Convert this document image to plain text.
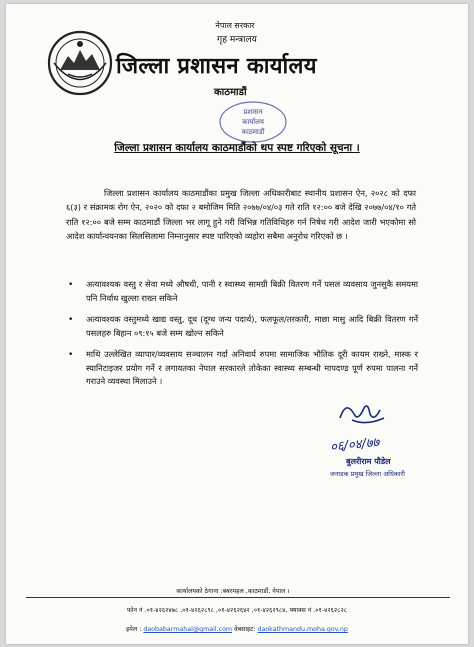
नेपाल सरकार
गृह मन्त्रालय
जिल्ला प्रशासन कार्यालय
काठमाडौं
प्रशासन
कार्यालय
काठमाडौं
जिल्ला प्रशासन कार्यालय काठमाडौंको थप स्पष्ट गरिएको सूचना ।
जिल्ला प्रशासन कार्यालय काठमाडौंका प्रमुख जिल्ला अधिकारीबाट स्थानीय प्रशासन ऐन, २०२८ को दफा ६(३) र संक्रामक रोग ऐन, २०२० को दफा २ बमोजिम मिति २०७७/०४/०३ गते राति १२:०० बजे देखि २०७७/०४/१० गते राति १२:०० बजे सम्म काठमाडौं जिल्ला भर लागू हुने गरी विभिन्न गतिविधिहरु गर्न निषेध गरी आदेश जारी भएकोमा सो आदेश कार्यान्वयनका सिलसिलामा निम्नानुसार स्पष्ट पारिएको व्यहोरा सबैमा अनुरोध गरिएको छ ।
• अत्यावश्यक वस्तु र सेवा मध्ये औषधी, पानी र स्वास्थ्य सामग्री बिक्री वितरण गर्ने पसल व्यवसाय जुनसुकै समयमा पनि निर्वाध खुल्ला राख्न सकिने
• अत्यावश्यक वस्तुमध्ये खाद्य वस्तु, दूध (दूग्ध जन्य पदार्थ), फलफूल/तरकारी, माछा मासु आदि बिक्री वितरण गर्ने पसलहरु बिहान ०९:१५ बजे सम्म खोल्न सकिने
• माथि उल्लेखित व्यापार/व्यवसाय सञ्चालन गर्दा अनिवार्य रुपमा सामाजिक भौतिक दूरी कायम राख्ने, मास्क र स्यानिटाइजर प्रयोग गर्ने र लगायतका नेपाल सरकारले तोकेका स्वास्थ्य सम्बन्धी मापदण्ड पूर्ण रुपमा पालना गर्ने गराउने व्यवस्था मिलाउने ।
०६/०४/७७
बुलरीराम पौडेल
जनाडक प्रमुख जिल्ला अधिकारी
कार्यालयको ठेगाना :बबरमहल ,काठमाडौं, नेपाल ।
फोन नं .०१-४२६२४७८ ,०१-४२६२८९८ ,०१-४२६२६४२ ,०१-४२६२९८४, फ्याक्स नं .०१-४२६२८२८
इमेल : daobabarmahal@gmail.com वेबसाइट: daokathmandu.moha.gov.np
